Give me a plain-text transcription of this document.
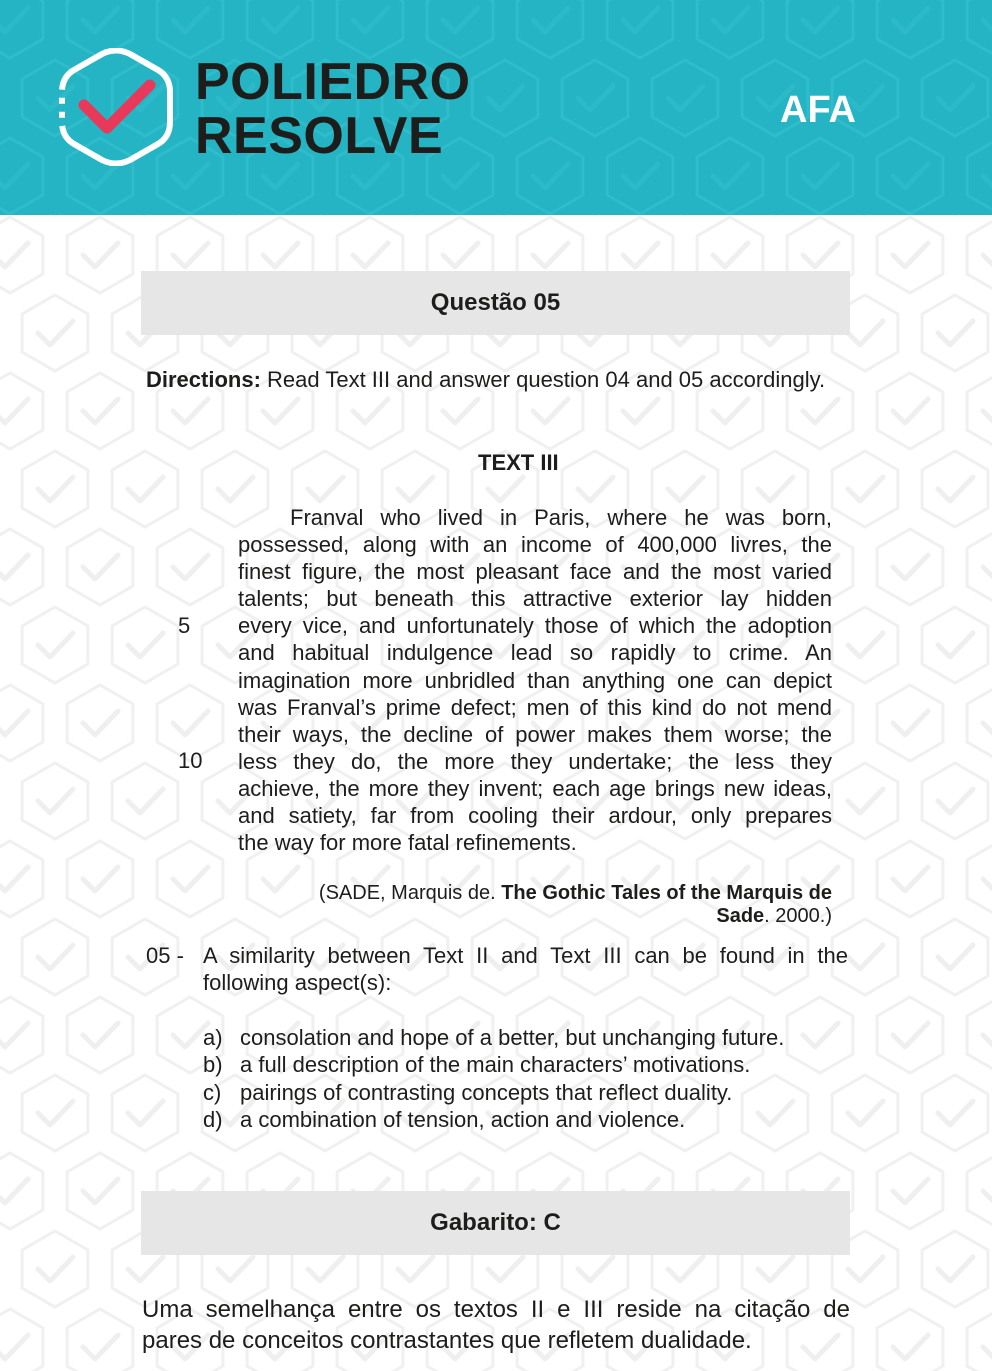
POLIEDRO
RESOLVE	AFA
Questão 05
Directions: Read Text III and answer question 04 and 05 accordingly.
TEXT III
Franval who lived in Paris, where he was born,
possessed, along with an income of 400,000 livres, the
finest figure, the most pleasant face and the most varied
talents; but beneath this attractive exterior lay hidden
every vice, and unfortunately those of which the adoption
and habitual indulgence lead so rapidly to crime. An
imagination more unbridled than anything one can depict
was Franval’s prime defect; men of this kind do not mend
their ways, the decline of power makes them worse; the
less they do, the more they undertake; the less they
achieve, the more they invent; each age brings new ideas,
and satiety, far from cooling their ardour, only prepares
the way for more fatal refinements.
5
10
(SADE, Marquis de. The Gothic Tales of the Marquis de
Sade. 2000.)
05 - A similarity between Text II and Text III can be found in the
following aspect(s):
a) consolation and hope of a better, but unchanging future.
b) a full description of the main characters’ motivations.
c) pairings of contrasting concepts that reflect duality.
d) a combination of tension, action and violence.
Gabarito: C
Uma semelhança entre os textos II e III reside na citação de
pares de conceitos contrastantes que refletem dualidade.
